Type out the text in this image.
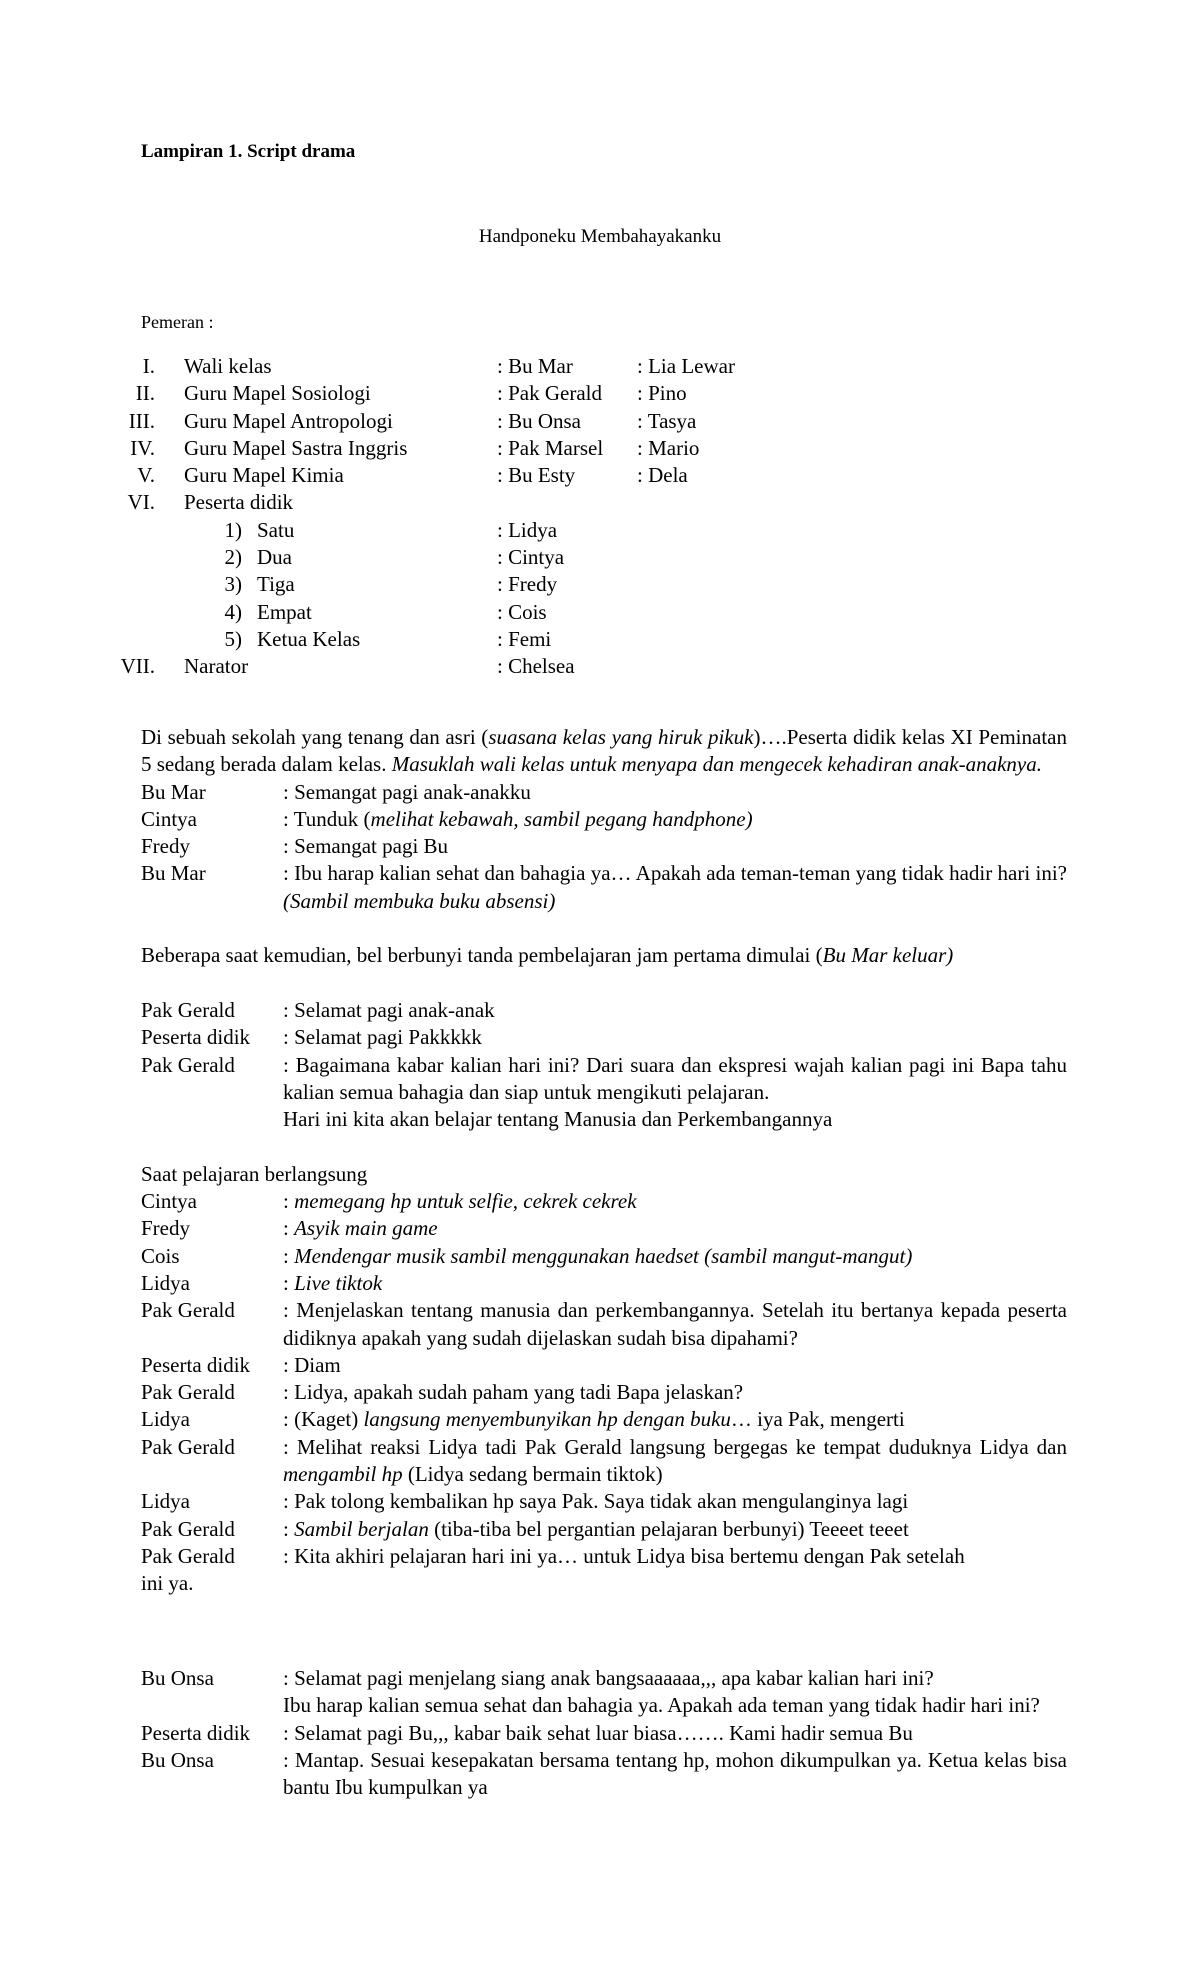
Lampiran 1. Script drama
Handponeku Membahayakanku
Pemeran :
I. Wali kelas	: Bu Mar	: Lia Lewar
II. Guru Mapel Sosiologi	: Pak Gerald : Pino
III. Guru Mapel Antropologi	: Bu Onsa	: Tasya
IV. Guru Mapel Sastra Inggris	: Pak Marsel : Mario
V. Guru Mapel Kimia	: Bu Esty	: Dela
VI. Peserta didik
1) Satu	: Lidya
2) Dua	: Cintya
3) Tiga	: Fredy
4) Empat	: Cois
5) Ketua Kelas	: Femi
VII. Narator	: Chelsea
Di sebuah sekolah yang tenang dan asri (suasana kelas yang hiruk pikuk)….Peserta didik kelas XI Peminatan 5 sedang berada dalam kelas. Masuklah wali kelas untuk menyapa dan mengecek kehadiran anak-anaknya.
Bu Mar	: Semangat pagi anak-anakku
Cintya	: Tunduk (melihat kebawah, sambil pegang handphone)
Fredy	: Semangat pagi Bu
Bu Mar	: Ibu harap kalian sehat dan bahagia ya… Apakah ada teman-teman yang tidak hadir hari ini? (Sambil membuka buku absensi)
Beberapa saat kemudian, bel berbunyi tanda pembelajaran jam pertama dimulai (Bu Mar keluar)
Pak Gerald	: Selamat pagi anak-anak
Peserta didik	: Selamat pagi Pakkkkk
Pak Gerald	: Bagaimana kabar kalian hari ini? Dari suara dan ekspresi wajah kalian pagi ini Bapa tahu kalian semua bahagia dan siap untuk mengikuti pelajaran.
Hari ini kita akan belajar tentang Manusia dan Perkembangannya
Saat pelajaran berlangsung
Cintya	: memegang hp untuk selfie, cekrek cekrek
Fredy	: Asyik main game
Cois	: Mendengar musik sambil menggunakan haedset (sambil mangut-mangut)
Lidya	: Live tiktok
Pak Gerald	: Menjelaskan tentang manusia dan perkembangannya. Setelah itu bertanya kepada peserta didiknya apakah yang sudah dijelaskan sudah bisa dipahami?
Peserta didik	: Diam
Pak Gerald	: Lidya, apakah sudah paham yang tadi Bapa jelaskan?
Lidya	: (Kaget) langsung menyembunyikan hp dengan buku… iya Pak, mengerti
Pak Gerald	: Melihat reaksi Lidya tadi Pak Gerald langsung bergegas ke tempat duduknya Lidya dan mengambil hp (Lidya sedang bermain tiktok)
Lidya	: Pak tolong kembalikan hp saya Pak. Saya tidak akan mengulanginya lagi
Pak Gerald	: Sambil berjalan (tiba-tiba bel pergantian pelajaran berbunyi) Teeeet teeet
Pak Gerald	: Kita akhiri pelajaran hari ini ya… untuk Lidya bisa bertemu dengan Pak setelah
ini ya.
Bu Onsa	: Selamat pagi menjelang siang anak bangsaaaaaa,,, apa kabar kalian hari ini?
Ibu harap kalian semua sehat dan bahagia ya. Apakah ada teman yang tidak hadir hari ini?
Peserta didik	: Selamat pagi Bu,,, kabar baik sehat luar biasa……. Kami hadir semua Bu
Bu Onsa	: Mantap. Sesuai kesepakatan bersama tentang hp, mohon dikumpulkan ya. Ketua kelas bisa bantu Ibu kumpulkan ya
